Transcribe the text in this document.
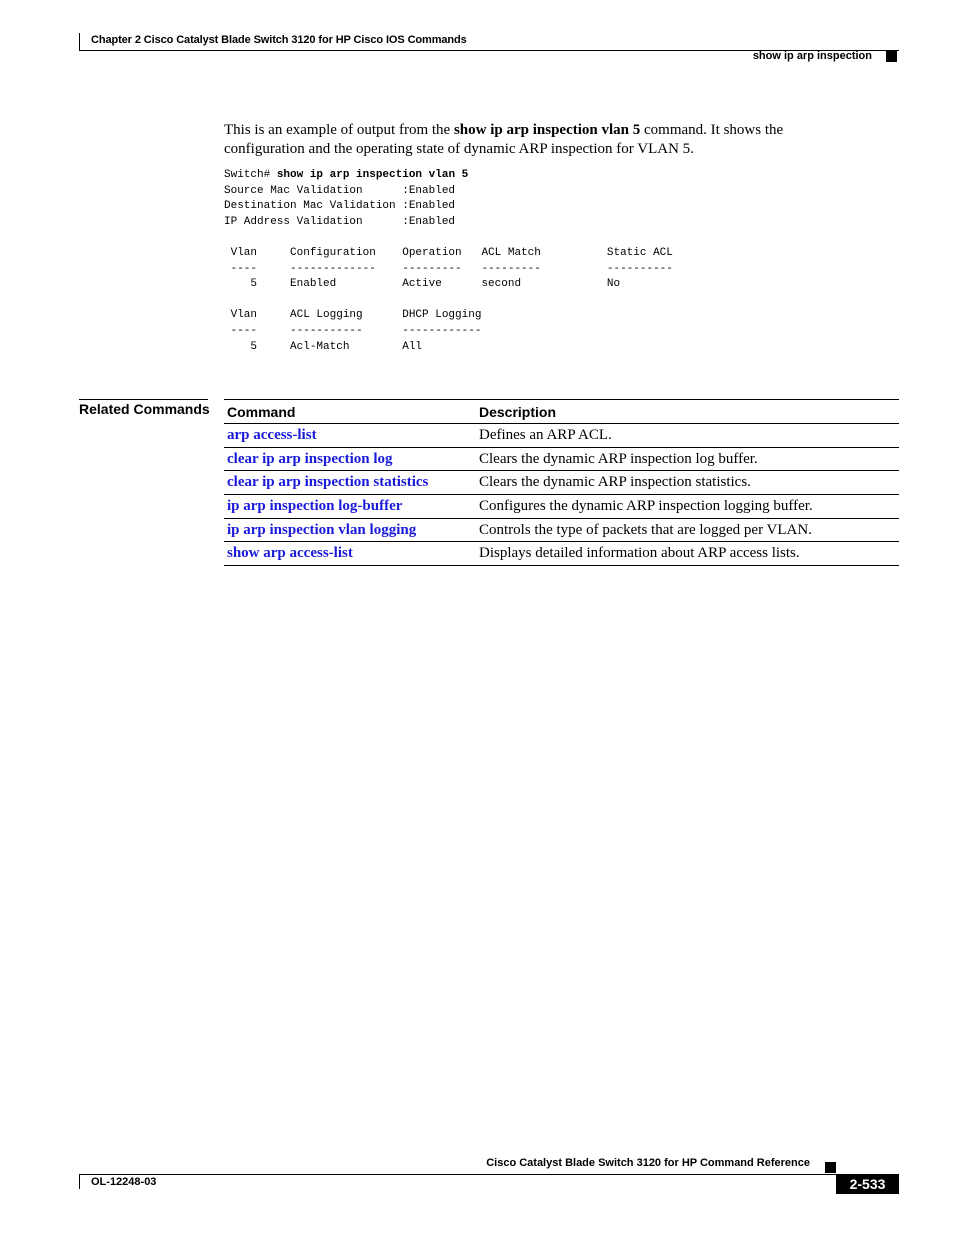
Chapter 2 Cisco Catalyst Blade Switch 3120 for HP Cisco IOS Commands
show ip arp inspection

This is an example of output from the show ip arp inspection vlan 5 command. It shows the configuration and the operating state of dynamic ARP inspection for VLAN 5.

Switch# show ip arp inspection vlan 5
Source Mac Validation      :Enabled
Destination Mac Validation :Enabled
IP Address Validation      :Enabled

Vlan     Configuration    Operation   ACL Match          Static ACL
----     -------------    ---------   ---------          ----------
5     Enabled          Active      second             No

Vlan     ACL Logging      DHCP Logging
----     -----------      ------------
5     Acl-Match        All
Related Commands Command	Description
arp access-list	Defines an ARP ACL.
clear ip arp inspection log	Clears the dynamic ARP inspection log buffer.
clear ip arp inspection statistics	Clears the dynamic ARP inspection statistics.
ip arp inspection log-buffer	Configures the dynamic ARP inspection logging buffer.
ip arp inspection vlan logging	Controls the type of packets that are logged per VLAN.
show arp access-list	Displays detailed information about ARP access lists.
Cisco Catalyst Blade Switch 3120 for HP Command Reference
OL-12248-03	2-533
